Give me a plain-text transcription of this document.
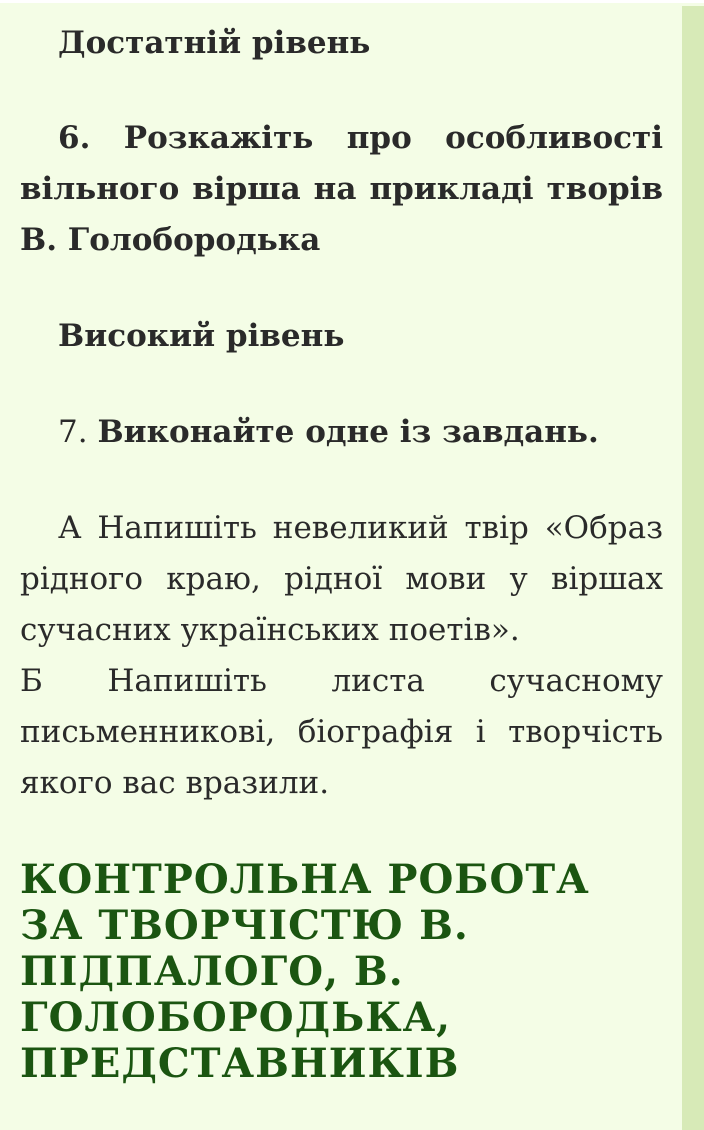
Достатній рівень

6. Розкажіть про особливості вільного вірша на прикладі творів В. Голобородька

Високий рівень

7. Виконайте одне із завдань.

А Напишіть невеликий твір «Образ рідного краю, рідної мови у віршах сучасних українських поетів».

Б Напишіть листа сучасному письменникові, біографія і творчість якого вас вразили.

КОНТРОЛЬНА РОБОТА ЗА ТВОРЧІСТЮ В. ПІДПАЛОГО, В. ГОЛОБОРОДЬКА, ПРЕДСТАВНИКІВ
